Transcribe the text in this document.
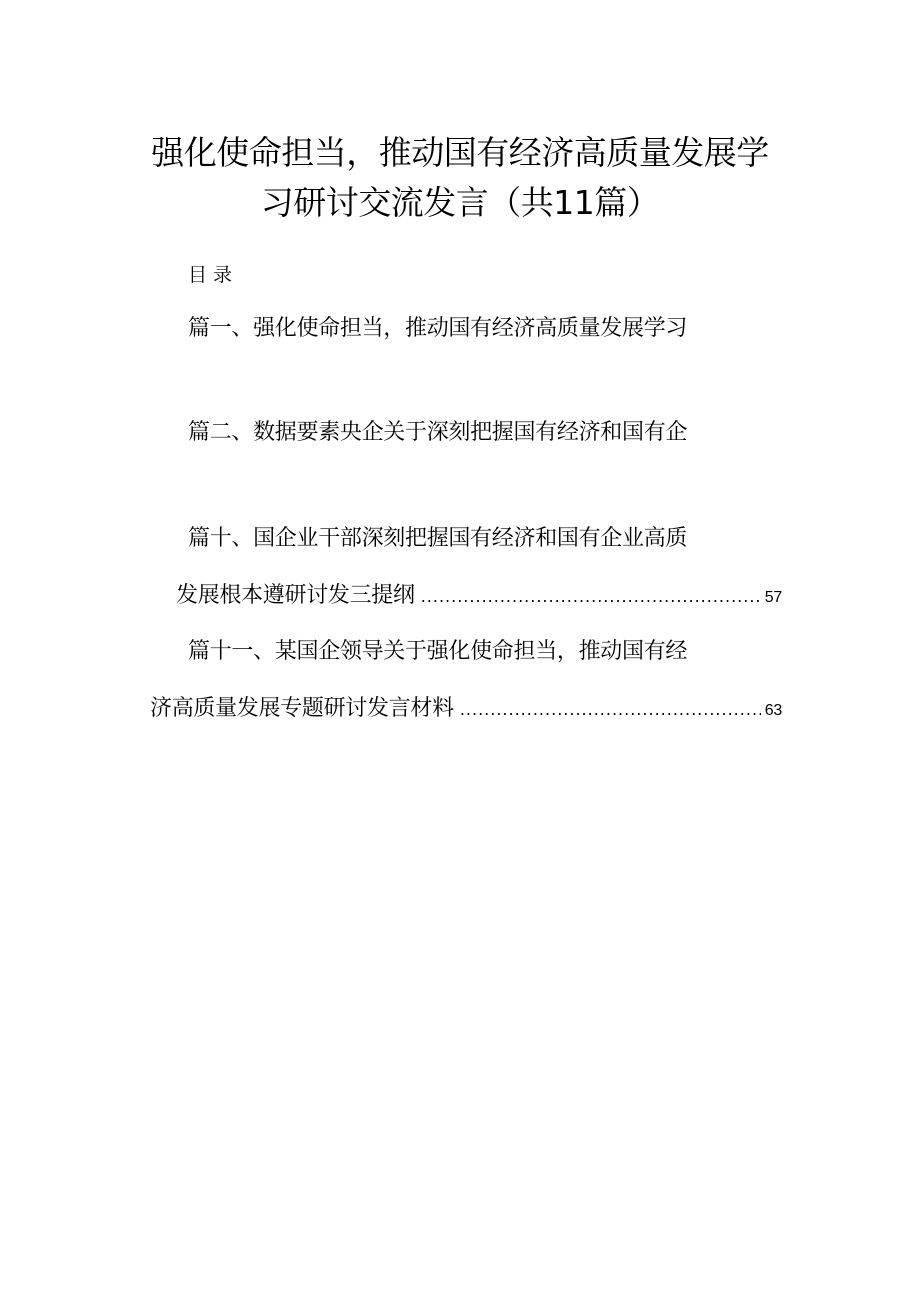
强化使命担当，推动国有经济高质量发展学
习研讨交流发言（共11篇）
目录
篇一、强化使命担当，推动国有经济高质量发展学习
篇二、数据要素央企关于深刻把握国有经济和国有企
篇十、国企业干部深刻把握国有经济和国有企业高质
发展根本遵研讨发三提纲 .....	57
篇十一、某国企领导关于强化使命担当，推动国有经
济高质量发展专题研讨发言材料 .....	63
